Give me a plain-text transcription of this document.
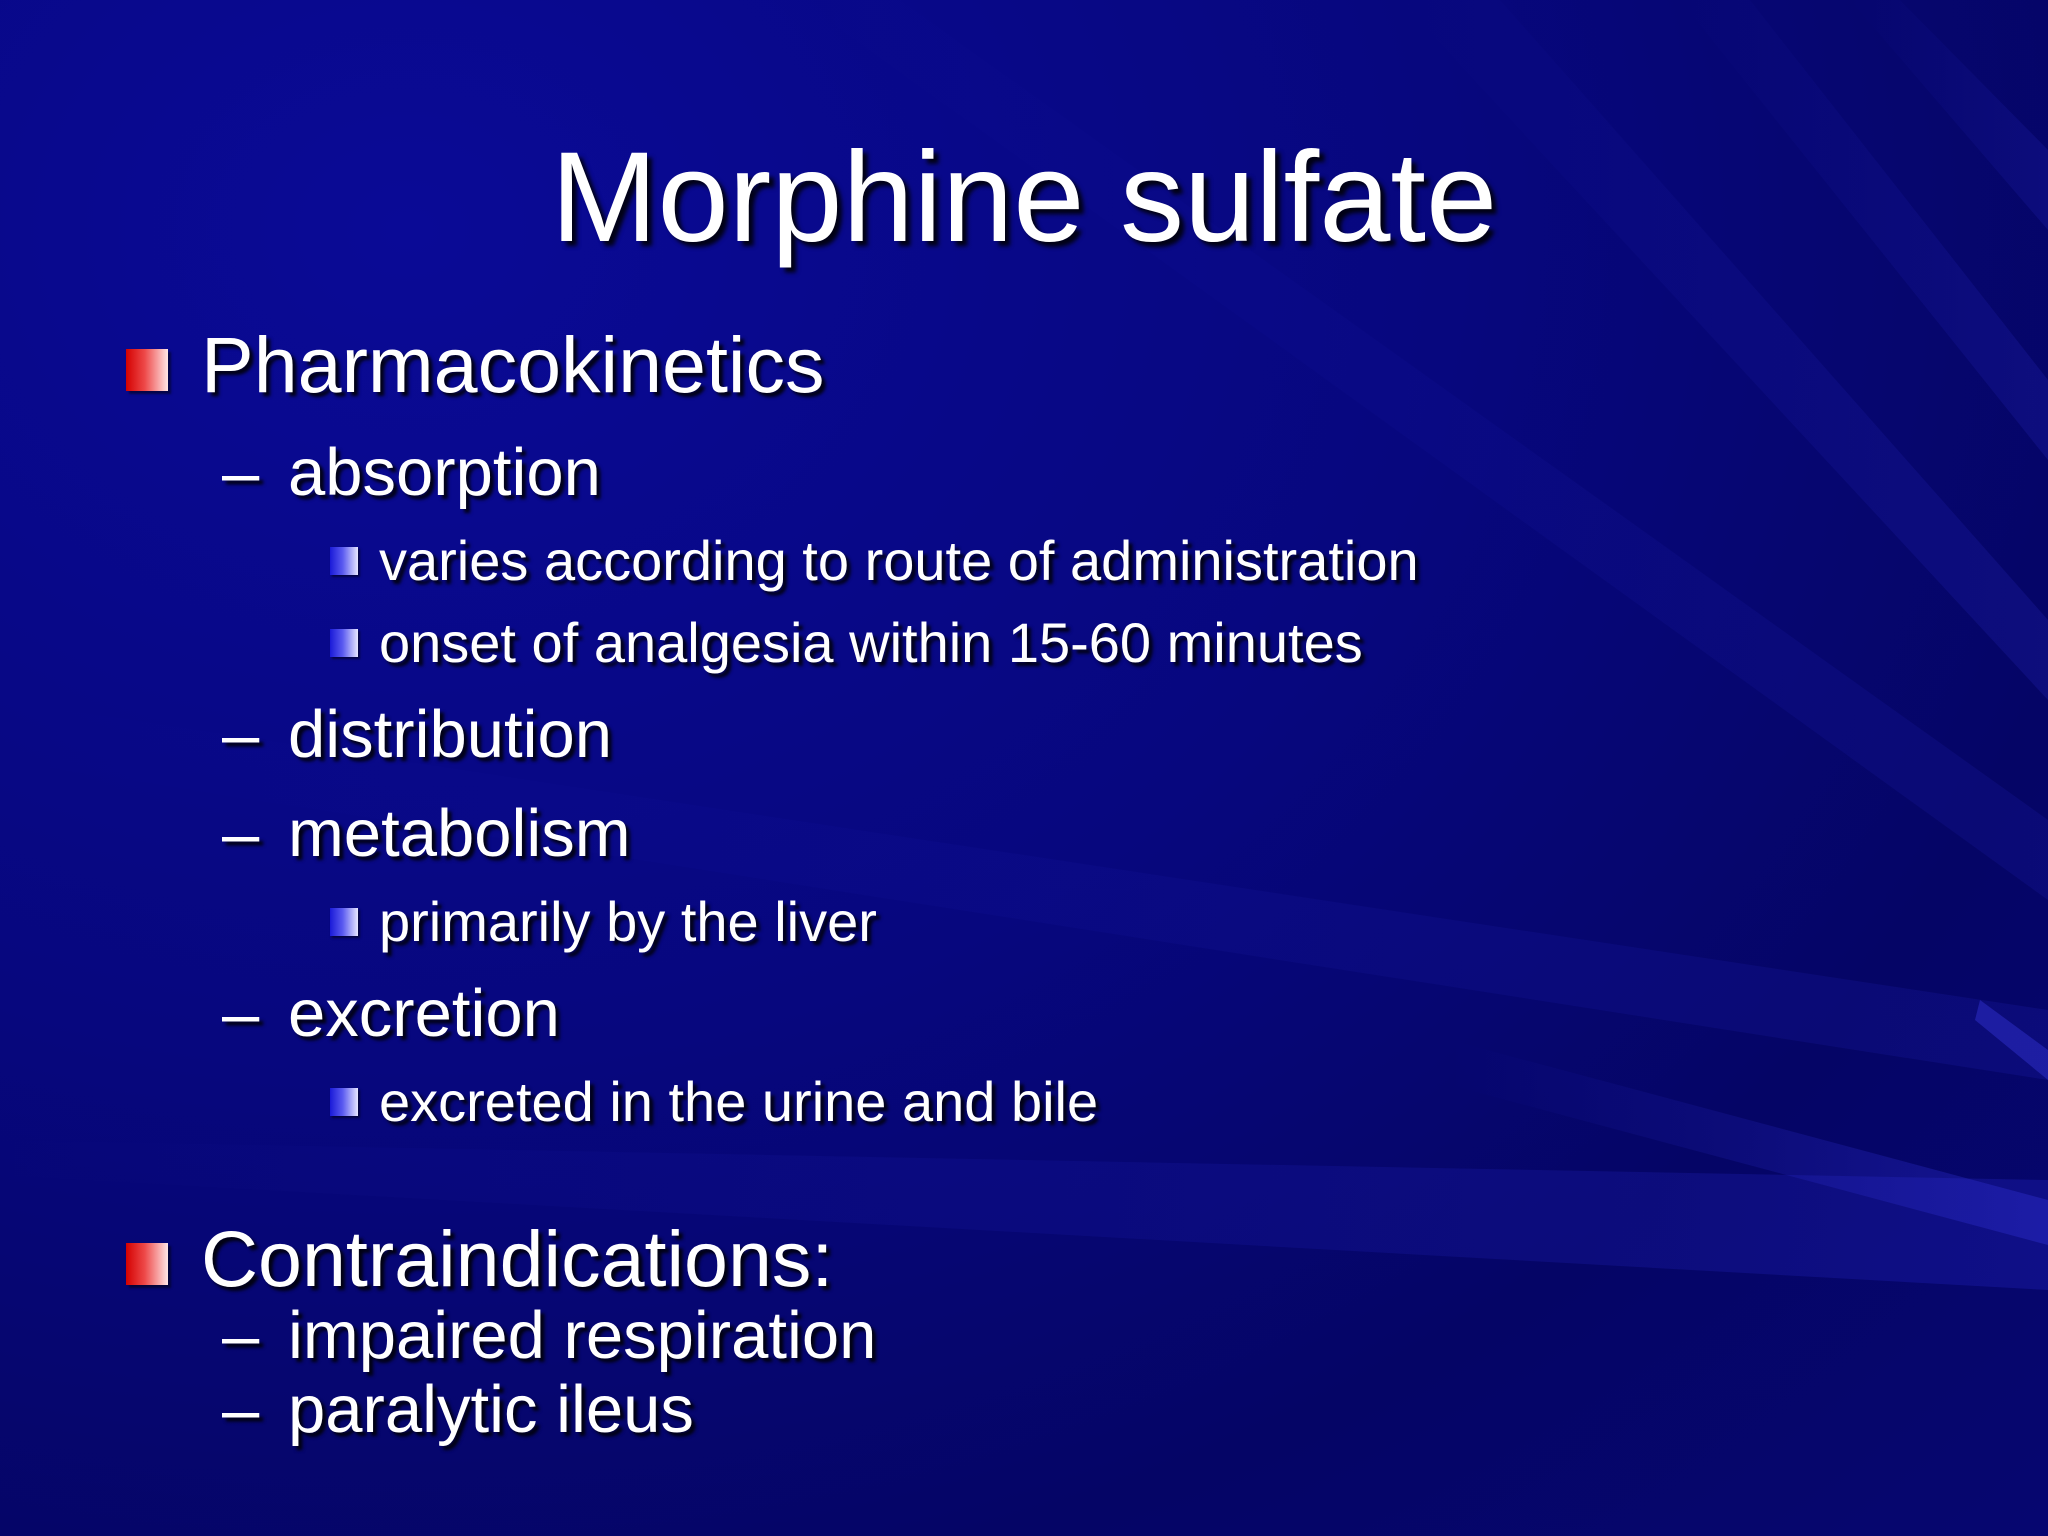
Morphine sulfate
Pharmacokinetics
– absorption
varies according to route of administration
onset of analgesia within 15-60 minutes
– distribution
– metabolism
primarily by the liver
– excretion
excreted in the urine and bile
Contraindications:
– impaired respiration
– paralytic ileus
